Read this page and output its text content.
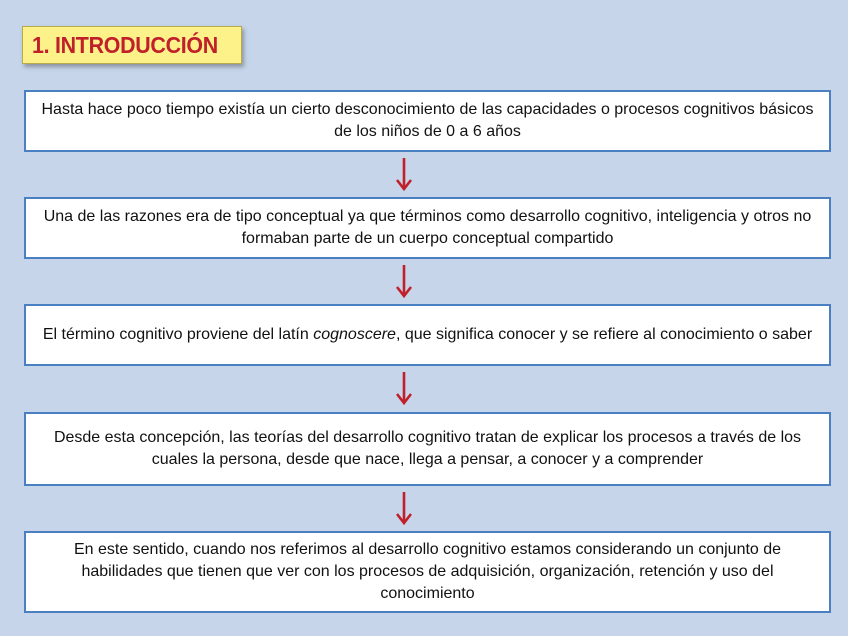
1. INTRODUCCIÓN

Hasta hace poco tiempo existía un cierto desconocimiento de las capacidades o procesos cognitivos básicos de los niños de 0 a 6 años

Una de las razones era de tipo conceptual ya que términos como desarrollo cognitivo, inteligencia y otros no formaban parte de un cuerpo conceptual compartido

El término cognitivo proviene del latín cognoscere, que significa conocer y se refiere al conocimiento o saber

Desde esta concepción, las teorías del desarrollo cognitivo tratan de explicar los procesos a través de los cuales la persona, desde que nace, llega a pensar, a conocer y a comprender

En este sentido, cuando nos referimos al desarrollo cognitivo estamos considerando un conjunto de habilidades que tienen que ver con los procesos de adquisición, organización, retención y uso del conocimiento
